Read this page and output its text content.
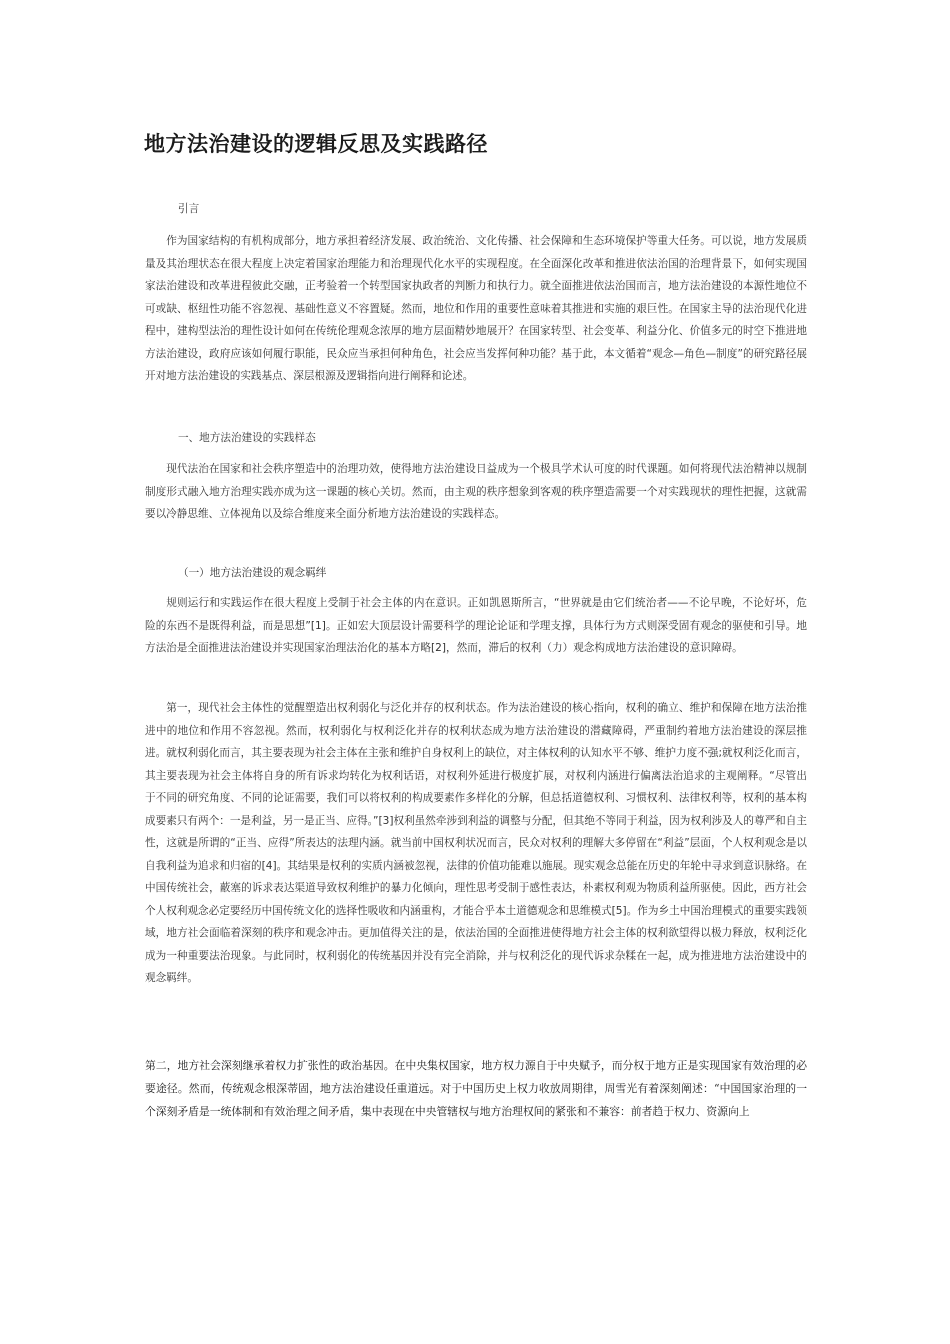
地方法治建设的逻辑反思及实践路径

引言

作为国家结构的有机构成部分，地方承担着经济发展、政治统治、文化传播、社会保障和生态环境保护等重大任务。可以说，地方发展质量及其治理状态在很大程度上决定着国家治理能力和治理现代化水平的实现程度。在全面深化改革和推进依法治国的治理背景下，如何实现国家法治建设和改革进程彼此交融，正考验着一个转型国家执政者的判断力和执行力。就全面推进依法治国而言，地方法治建设的本源性地位不可或缺、枢纽性功能不容忽视、基础性意义不容置疑。然而，地位和作用的重要性意味着其推进和实施的艰巨性。在国家主导的法治现代化进程中，建构型法治的理性设计如何在传统伦理观念浓厚的地方层面精妙地展开？在国家转型、社会变革、利益分化、价值多元的时空下推进地方法治建设，政府应该如何履行职能，民众应当承担何种角色，社会应当发挥何种功能？基于此，本文循着“观念—角色—制度”的研究路径展开对地方法治建设的实践基点、深层根源及逻辑指向进行阐释和论述。

一、地方法治建设的实践样态

现代法治在国家和社会秩序塑造中的治理功效，使得地方法治建设日益成为一个极具学术认可度的时代课题。如何将现代法治精神以规制制度形式融入地方治理实践亦成为这一课题的核心关切。然而，由主观的秩序想象到客观的秩序塑造需要一个对实践现状的理性把握，这就需要以冷静思维、立体视角以及综合维度来全面分析地方法治建设的实践样态。

（一）地方法治建设的观念羁绊

规则运行和实践运作在很大程度上受制于社会主体的内在意识。正如凯恩斯所言，“世界就是由它们统治者——不论早晚，不论好坏，危险的东西不是既得利益，而是思想”[1]。正如宏大顶层设计需要科学的理论论证和学理支撑，具体行为方式则深受固有观念的驱使和引导。地方法治是全面推进法治建设并实现国家治理法治化的基本方略[2]，然而，滞后的权利（力）观念构成地方法治建设的意识障碍。

第一，现代社会主体性的觉醒塑造出权利弱化与泛化并存的权利状态。作为法治建设的核心指向，权利的确立、维护和保障在地方法治推进中的地位和作用不容忽视。然而，权利弱化与权利泛化并存的权利状态成为地方法治建设的潜藏障碍，严重制约着地方法治建设的深层推进。就权利弱化而言，其主要表现为社会主体在主张和维护自身权利上的缺位，对主体权利的认知水平不够、维护力度不强;就权利泛化而言，其主要表现为社会主体将自身的所有诉求均转化为权利话语，对权利外延进行极度扩展，对权利内涵进行偏离法治追求的主观阐释。“尽管出于不同的研究角度、不同的论证需要，我们可以将权利的构成要素作多样化的分解，但总括道德权利、习惯权利、法律权利等，权利的基本构成要素只有两个：一是利益，另一是正当、应得。”[3]权利虽然牵涉到利益的调整与分配，但其绝不等同于利益，因为权利涉及人的尊严和自主性，这就是所谓的“正当、应得”所表达的法理内涵。就当前中国权利状况而言，民众对权利的理解大多停留在“利益”层面，个人权利观念是以自我利益为追求和归宿的[4]。其结果是权利的实质内涵被忽视，法律的价值功能难以施展。现实观念总能在历史的年轮中寻求到意识脉络。在中国传统社会，蔽塞的诉求表达渠道导致权利维护的暴力化倾向，理性思考受制于感性表达，朴素权利观为物质利益所驱使。因此，西方社会个人权利观念必定要经历中国传统文化的选择性吸收和内涵重构，才能合乎本土道德观念和思维模式[5]。作为乡土中国治理模式的重要实践领域，地方社会面临着深刻的秩序和观念冲击。更加值得关注的是，依法治国的全面推进使得地方社会主体的权利欲望得以极力释放，权利泛化成为一种重要法治现象。与此同时，权利弱化的传统基因并没有完全消除，并与权利泛化的现代诉求杂糅在一起，成为推进地方法治建设中的观念羁绊。

第二，地方社会深刻继承着权力扩张性的政治基因。在中央集权国家，地方权力源自于中央赋予，而分权于地方正是实现国家有效治理的必要途径。然而，传统观念根深蒂固，地方法治建设任重道远。对于中国历史上权力收放周期律，周雪光有着深刻阐述：“中国国家治理的一个深刻矛盾是一统体制和有效治理之间矛盾，集中表现在中央管辖权与地方治理权间的紧张和不兼容：前者趋于权力、资源向上
